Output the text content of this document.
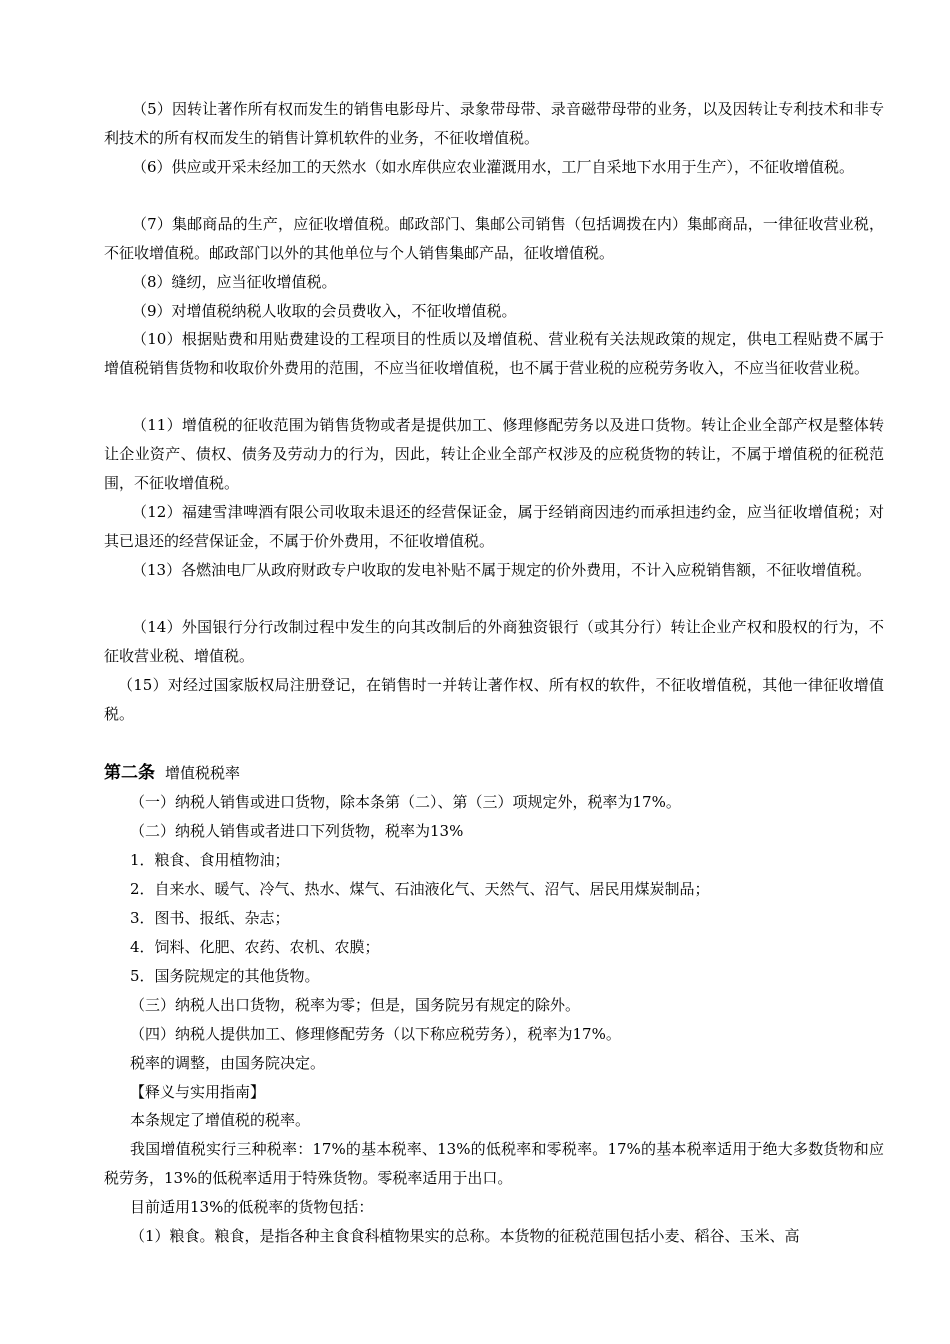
（5）因转让著作所有权而发生的销售电影母片、录象带母带、录音磁带母带的业务，以及因转让专利技术和非专利技术的所有权而发生的销售计算机软件的业务，不征收增值税。

（6）供应或开采未经加工的天然水（如水库供应农业灌溉用水，工厂自采地下水用于生产），不征收增值税。

（7）集邮商品的生产，应征收增值税。邮政部门、集邮公司销售（包括调拨在内）集邮商品，一律征收营业税，不征收增值税。邮政部门以外的其他单位与个人销售集邮产品，征收增值税。

（8）缝纫，应当征收增值税。

（9）对增值税纳税人收取的会员费收入，不征收增值税。

（10）根据贴费和用贴费建设的工程项目的性质以及增值税、营业税有关法规政策的规定，供电工程贴费不属于增值税销售货物和收取价外费用的范围，不应当征收增值税，也不属于营业税的应税劳务收入，不应当征收营业税。

（11）增值税的征收范围为销售货物或者是提供加工、修理修配劳务以及进口货物。转让企业全部产权是整体转让企业资产、债权、债务及劳动力的行为，因此，转让企业全部产权涉及的应税货物的转让，不属于增值税的征税范围，不征收增值税。

（12）福建雪津啤酒有限公司收取未退还的经营保证金，属于经销商因违约而承担违约金，应当征收增值税；对其已退还的经营保证金，不属于价外费用，不征收增值税。

（13）各燃油电厂从政府财政专户收取的发电补贴不属于规定的价外费用，不计入应税销售额，不征收增值税。

（14）外国银行分行改制过程中发生的向其改制后的外商独资银行（或其分行）转让企业产权和股权的行为，不征收营业税、增值税。

（15）对经过国家版权局注册登记，在销售时一并转让著作权、所有权的软件，不征收增值税，其他一律征收增值税。

第二条 增值税税率

（一）纳税人销售或进口货物，除本条第（二）、第（三）项规定外，税率为17%。

（二）纳税人销售或者进口下列货物，税率为13%

1．粮食、食用植物油；

2．自来水、暖气、冷气、热水、煤气、石油液化气、天然气、沼气、居民用煤炭制品；

3．图书、报纸、杂志；

4．饲料、化肥、农药、农机、农膜；

5．国务院规定的其他货物。

（三）纳税人出口货物，税率为零；但是，国务院另有规定的除外。

（四）纳税人提供加工、修理修配劳务（以下称应税劳务），税率为17%。

税率的调整，由国务院决定。

【释义与实用指南】

本条规定了增值税的税率。

我国增值税实行三种税率：17%的基本税率、13%的低税率和零税率。17%的基本税率适用于绝大多数货物和应税劳务，13%的低税率适用于特殊货物。零税率适用于出口。

目前适用13%的低税率的货物包括：

（1）粮食。粮食，是指各种主食食科植物果实的总称。本货物的征税范围包括小麦、稻谷、玉米、高
